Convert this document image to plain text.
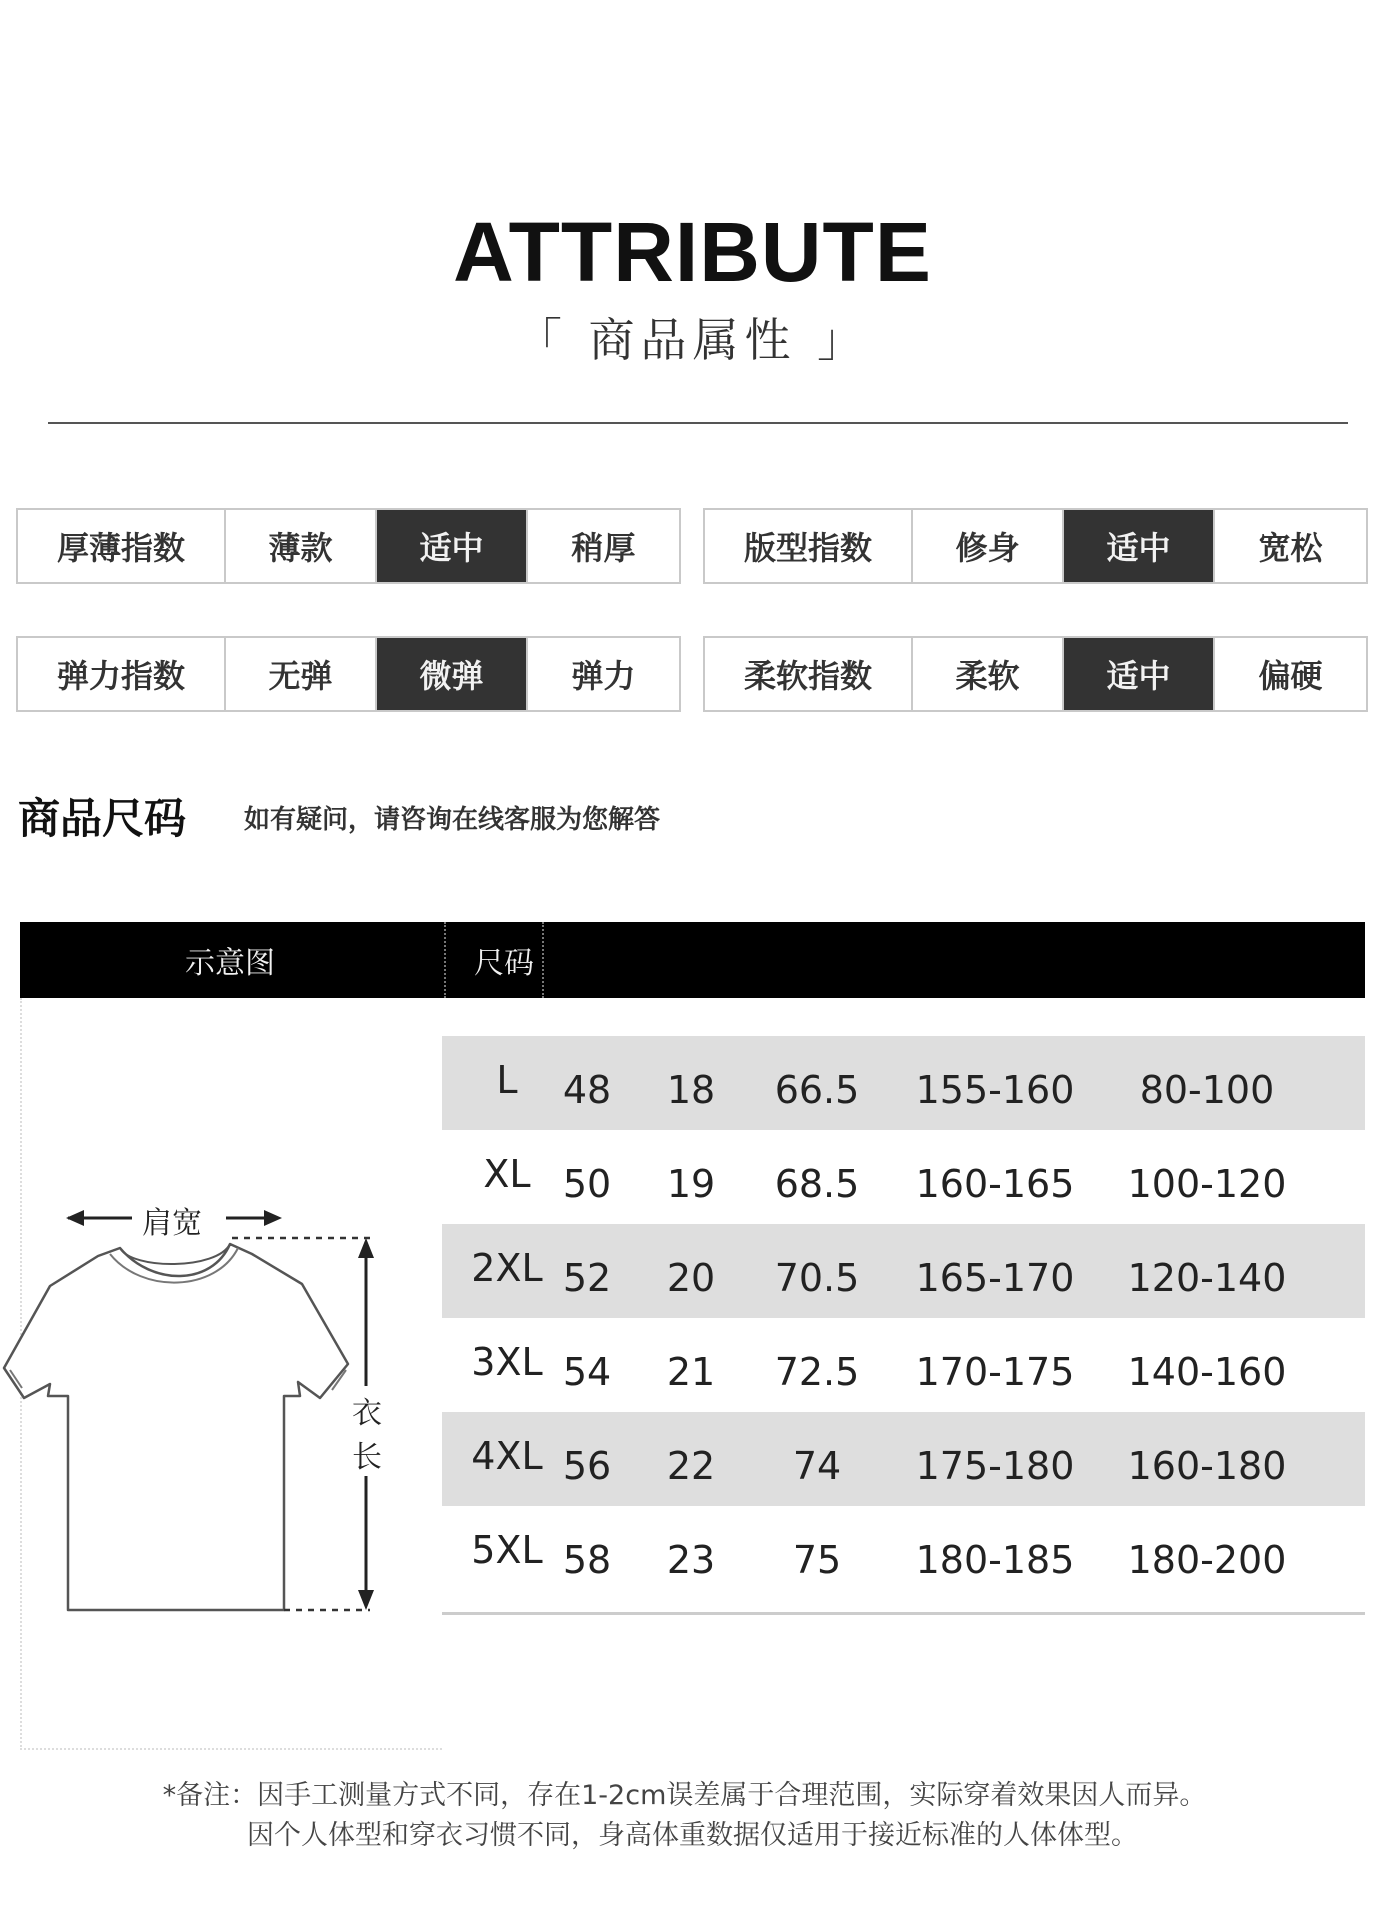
ATTRIBUTE
「 商品属性 」
厚薄指数	薄款	适中	稍厚	版型指数	修身	适中	宽松
弹力指数	无弹	微弹	弹力	柔软指数	柔软	适中	偏硬
商品尺码 如有疑问，请咨询在线客服为您解答
示意图	尺码
肩宽
衣
长
L	48 18	66.5	155-160	80-100
XL 50 19	68.5	160-165 100-120
2XL 52 20	70.5	165-170 120-140
3XL 54 21	72.5	170-175 140-160
4XL 56 22	74	175-180 160-180
5XL 58 23	75	180-185 180-200
*备注：因手工测量方式不同，存在1-2cm误差属于合理范围，实际穿着效果因人而异。
因个人体型和穿衣习惯不同，身高体重数据仅适用于接近标准的人体体型。
